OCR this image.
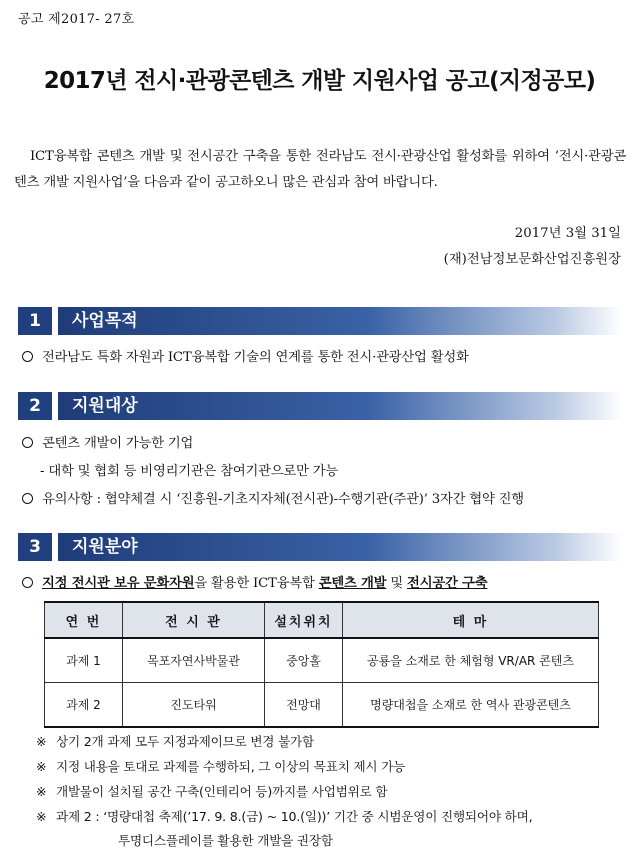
공고 제2017- 27호
2017년 전시·관광콘텐츠 개발 지원사업 공고(지정공모)
ICT융복합 콘텐츠 개발 및 전시공간 구축을 통한 전라남도 전시·관광산업 활성화를 위하여 ‘전시·관광콘텐츠 개발 지원사업’을 다음과 같이 공고하오니 많은 관심과 참여 바랍니다.
2017년 3월 31일
(재)전남정보문화산업진흥원장
1	사업목적
전라남도 특화 자원과 ICT융복합 기술의 연계를 통한 전시·관광산업 활성화
2	지원대상
콘텐츠 개발이 가능한 기업
- 대학 및 협회 등 비영리기관은 참여기관으로만 가능
유의사항 : 협약체결 시 ‘진흥원-기초지자체(전시관)-수행기관(주관)’ 3자간 협약 진행
3	지원분야
지정 전시관 보유 문화자원을 활용한 ICT융복합 콘텐츠 개발 및 전시공간 구축
연 번	전 시 관	설치위치	테 마
과제 1	목포자연사박물관	중앙홀	공룡을 소재로 한 체험형 VR/AR 콘텐츠
과제 2	진도타워	전망대	명량대첩을 소재로 한 역사 관광콘텐츠
※ 상기 2개 과제 모두 지정과제이므로 변경 불가함
※ 지정 내용을 토대로 과제를 수행하되, 그 이상의 목표치 제시 가능
※ 개발물이 설치될 공간 구축(인테리어 등)까지를 사업범위로 함
※ 과제 2 : ‘명량대첩 축제(’17. 9. 8.(금) ~ 10.(일))’ 기간 중 시범운영이 진행되어야 하며,
투명디스플레이를 활용한 개발을 권장함
